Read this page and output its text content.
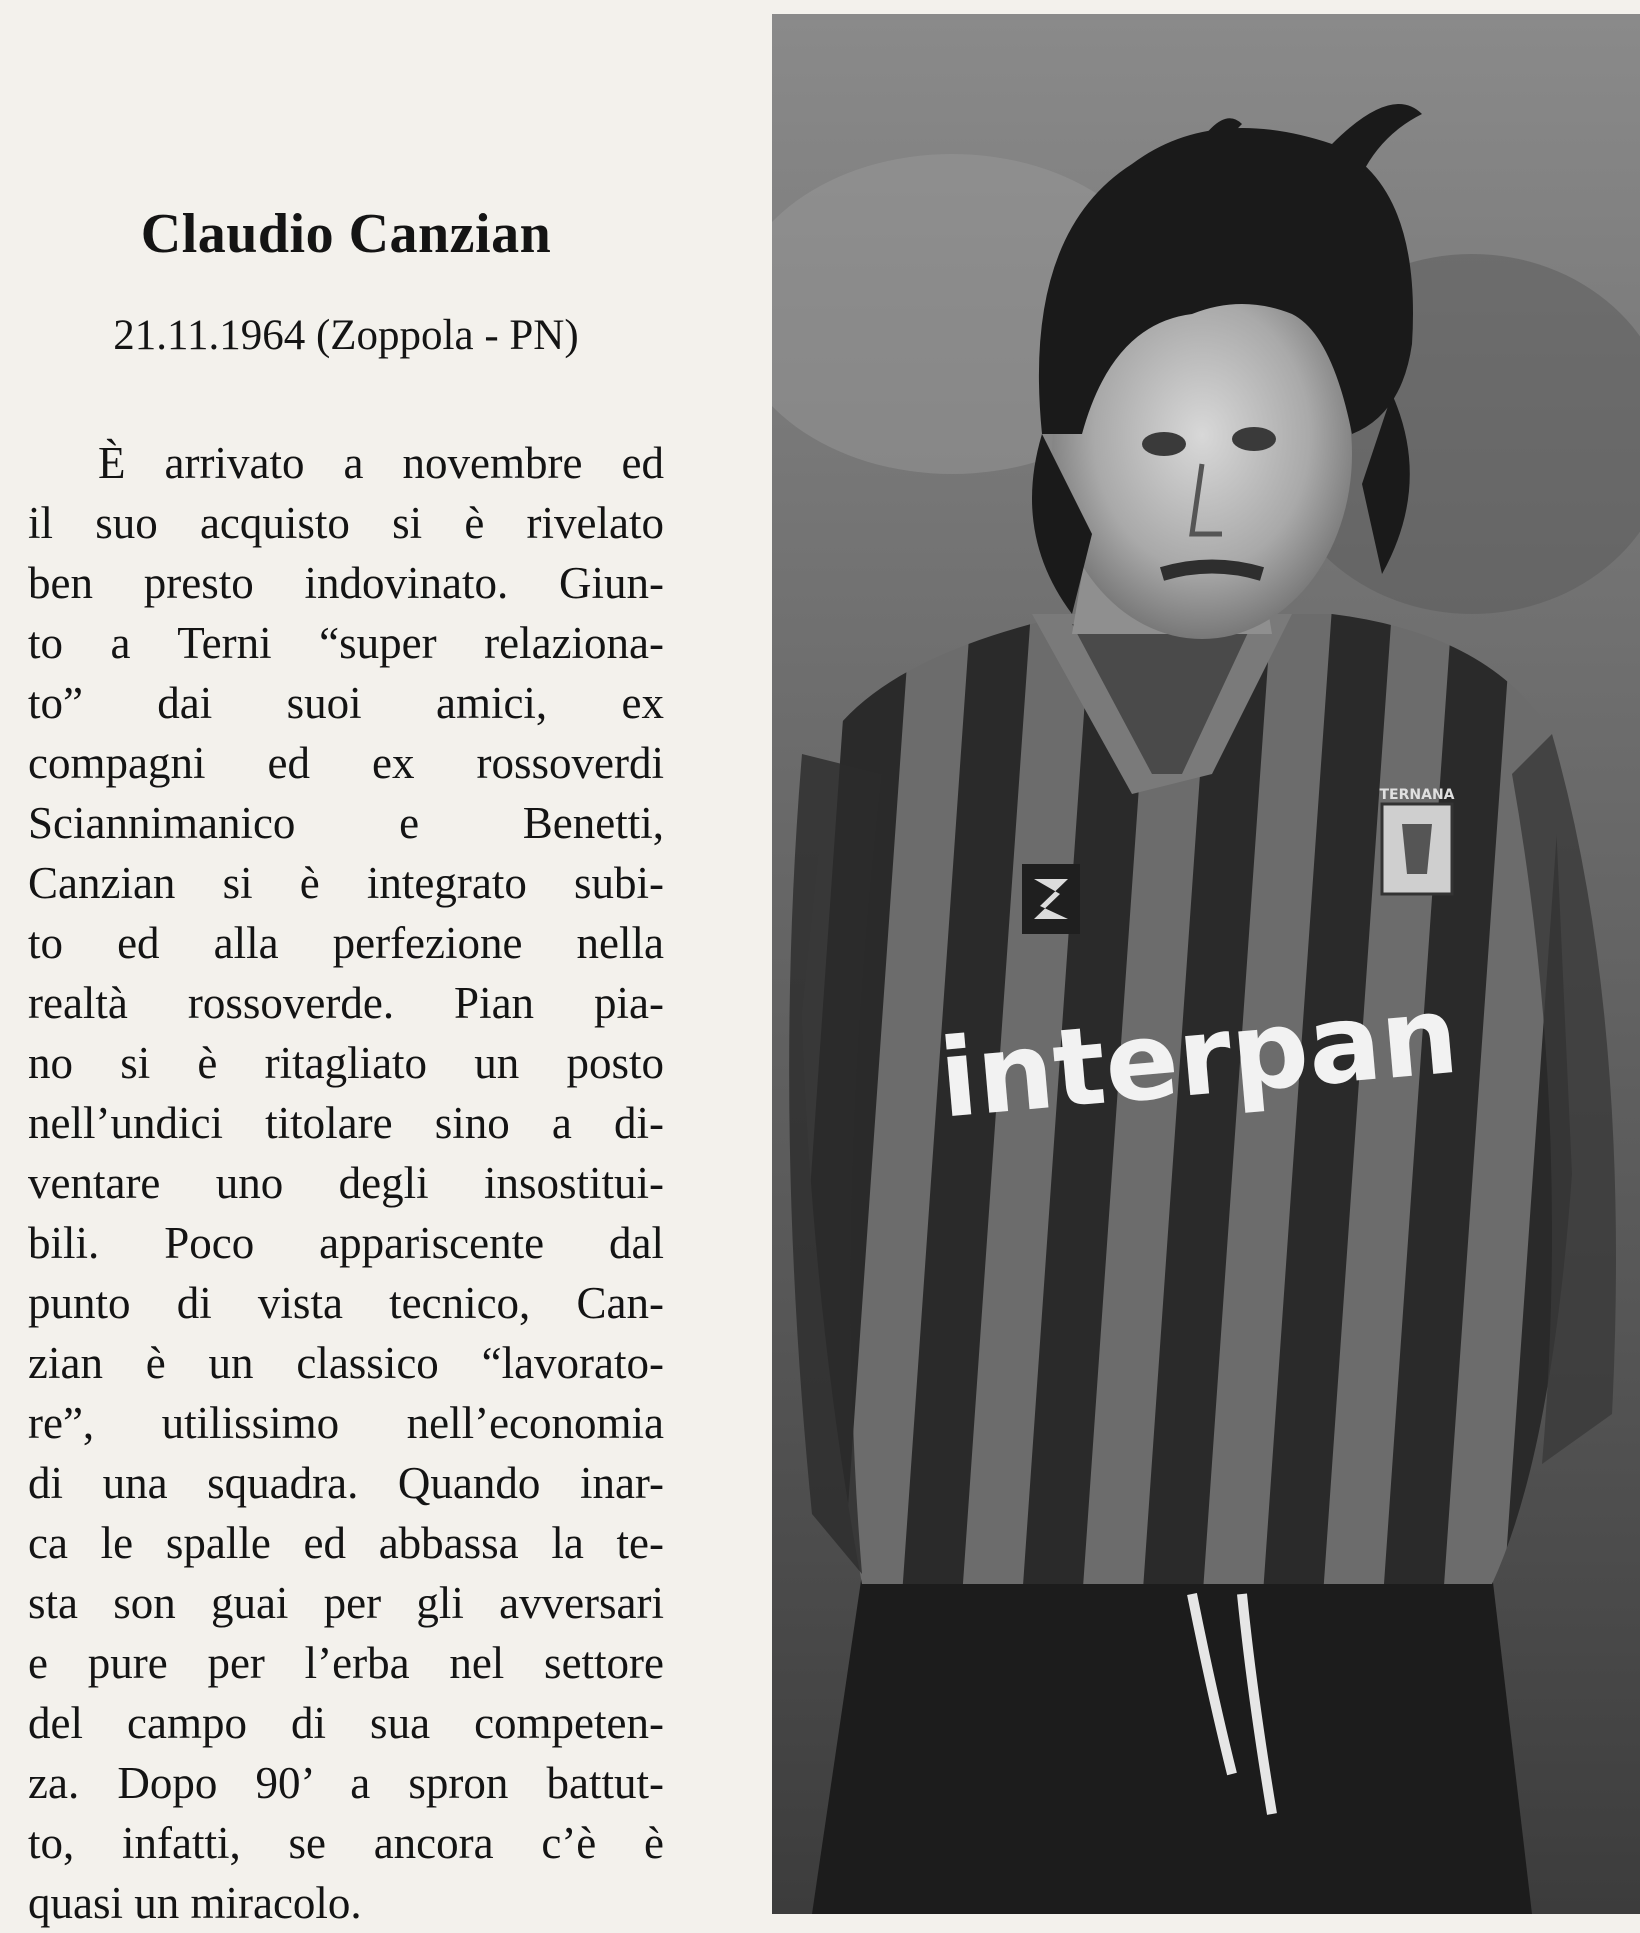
Claudio Canzian
21.11.1964 (Zoppola - PN)
È arrivato a novembre ed
il suo acquisto si è rivelato
ben presto indovinato. Giun-
to a Terni “super relaziona-
to” dai suoi amici, ex
compagni ed ex rossoverdi
Sciannimanico e Benetti,
Canzian si è integrato subi-
to ed alla perfezione nella
realtà rossoverde. Pian pia-
no si è ritagliato un posto
nell’undici titolare sino a di-
ventare uno degli insostitui-
bili. Poco appariscente dal
punto di vista tecnico, Can-
zian è un classico “lavorato-
re”, utilissimo nell’economia
di una squadra. Quando inar-
ca le spalle ed abbassa la te-
sta son guai per gli avversari
e pure per l’erba nel settore
del campo di sua competen-
za. Dopo 90’ a spron battut-
to, infatti, se ancora c’è è
quasi un miracolo.
TERNANA
interpan
